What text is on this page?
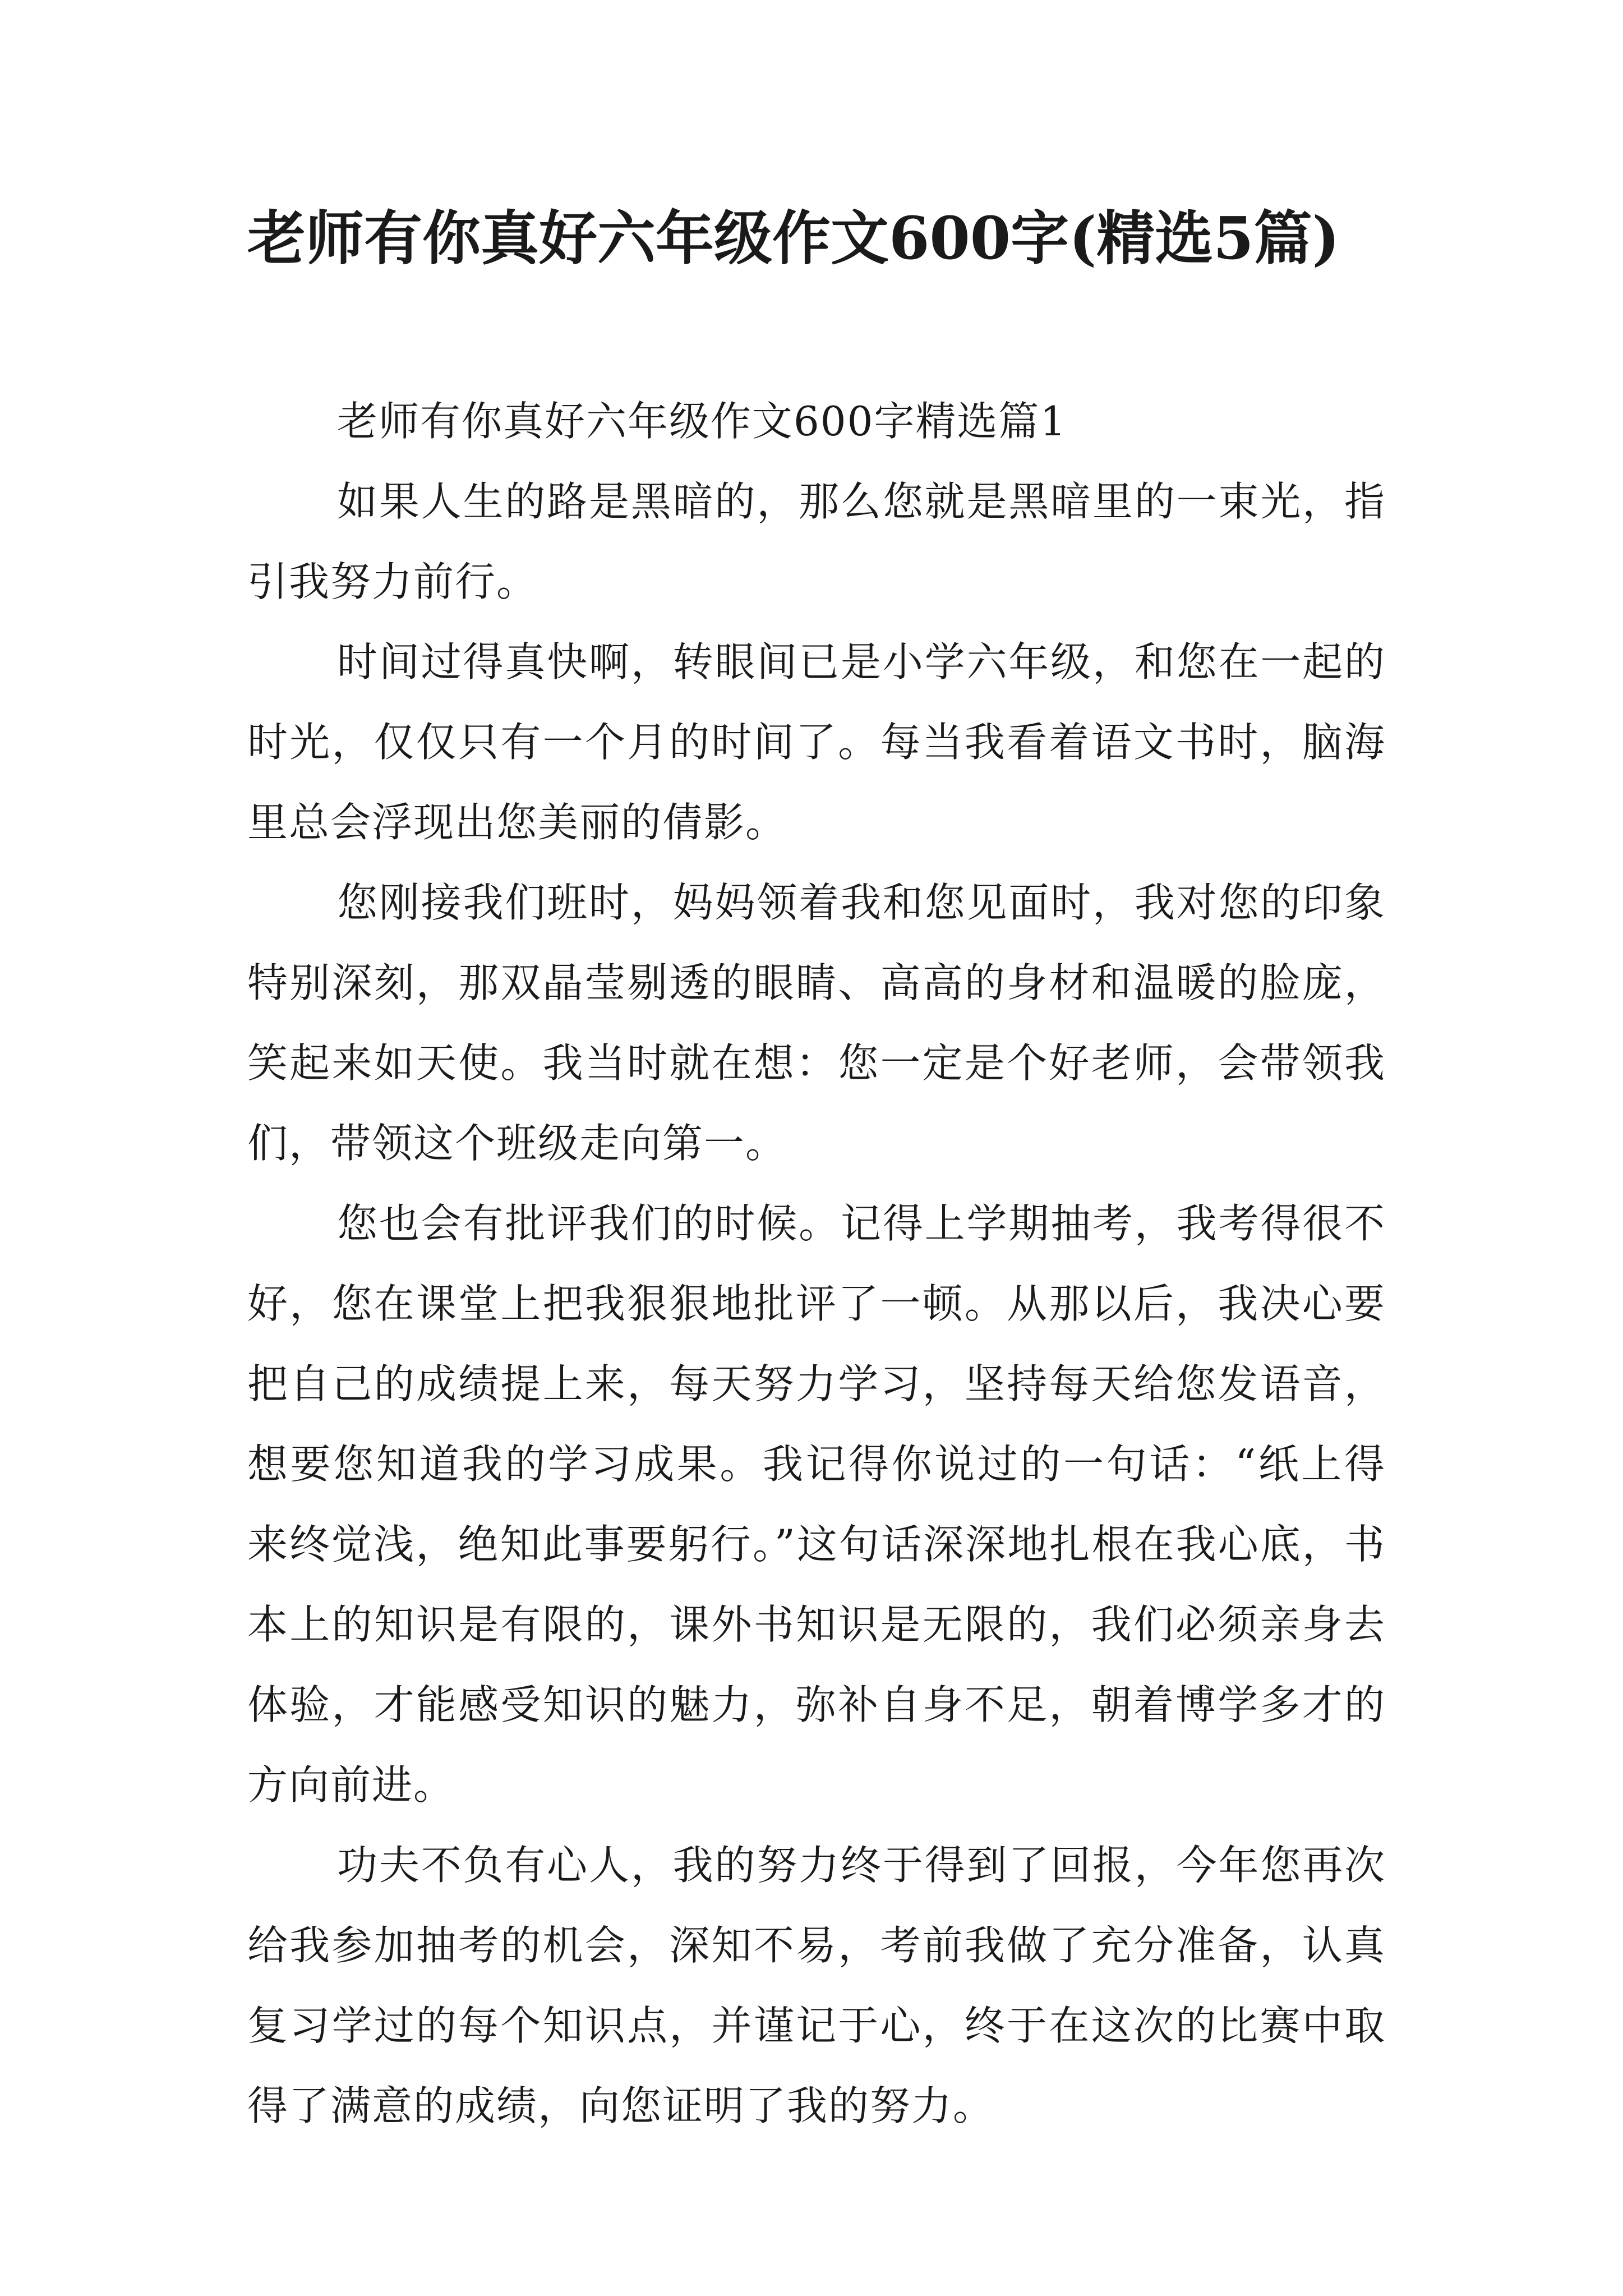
老师有你真好六年级作文600字(精选5篇)

老师有你真好六年级作文600字精选篇1

如果人生的路是黑暗的，那么您就是黑暗里的一束光，指引我努力前行。

时间过得真快啊，转眼间已是小学六年级，和您在一起的时光，仅仅只有一个月的时间了。每当我看着语文书时，脑海里总会浮现出您美丽的倩影。

您刚接我们班时，妈妈领着我和您见面时，我对您的印象特别深刻，那双晶莹剔透的眼睛、高高的身材和温暖的脸庞，笑起来如天使。我当时就在想：您一定是个好老师，会带领我们，带领这个班级走向第一。

您也会有批评我们的时候。记得上学期抽考，我考得很不好，您在课堂上把我狠狠地批评了一顿。从那以后，我决心要把自己的成绩提上来，每天努力学习，坚持每天给您发语音，想要您知道我的学习成果。我记得你说过的一句话：“纸上得来终觉浅，绝知此事要躬行。”这句话深深地扎根在我心底，书本上的知识是有限的，课外书知识是无限的，我们必须亲身去体验，才能感受知识的魅力，弥补自身不足，朝着博学多才的方向前进。

功夫不负有心人，我的努力终于得到了回报，今年您再次给我参加抽考的机会，深知不易，考前我做了充分准备，认真复习学过的每个知识点，并谨记于心，终于在这次的比赛中取得了满意的成绩，向您证明了我的努力。
